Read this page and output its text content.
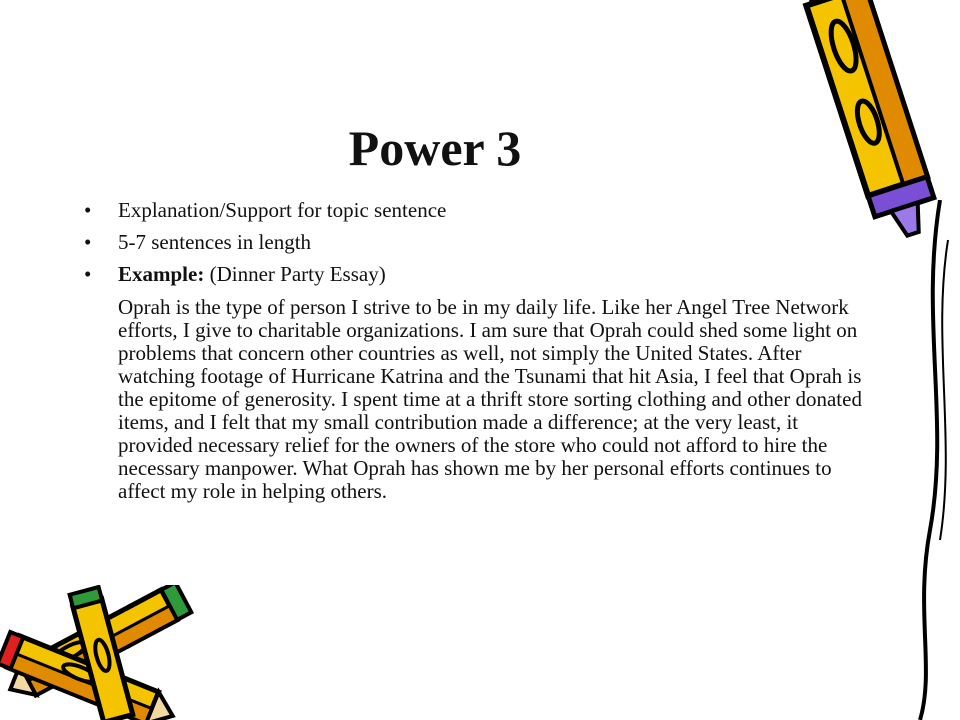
Power 3
• Explanation/Support for topic sentence
• 5-7 sentences in length
• Example: (Dinner Party Essay)

Oprah is the type of person I strive to be in my daily life. Like her Angel Tree Network efforts, I give to charitable organizations. I am sure that Oprah could shed some light on problems that concern other countries as well, not simply the United States. After watching footage of Hurricane Katrina and the Tsunami that hit Asia, I feel that Oprah is the epitome of generosity. I spent time at a thrift store sorting clothing and other donated items, and I felt that my small contribution made a difference; at the very least, it provided necessary relief for the owners of the store who could not afford to hire the necessary manpower. What Oprah has shown me by her personal efforts continues to affect my role in helping others.
